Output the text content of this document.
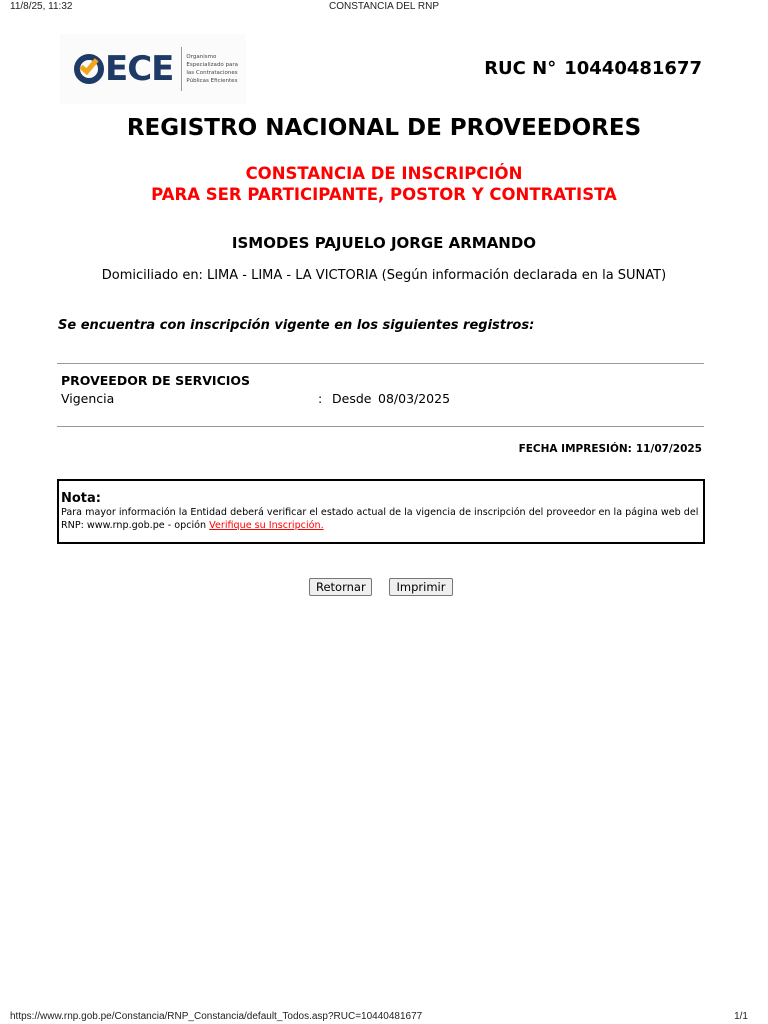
11/8/25, 11:32	CONSTANCIA DEL RNP
ECE Organismo
Especializado para
las Contrataciones
Públicas Eficientes
RUC N° 10440481677
REGISTRO NACIONAL DE PROVEEDORES
CONSTANCIA DE INSCRIPCIÓN
PARA SER PARTICIPANTE, POSTOR Y CONTRATISTA
ISMODES PAJUELO JORGE ARMANDO
Domiciliado en: LIMA - LIMA - LA VICTORIA (Según información declarada en la SUNAT)
Se encuentra con inscripción vigente en los siguientes registros:
PROVEEDOR DE SERVICIOS
Vigencia	: Desde 08/03/2025
FECHA IMPRESIÓN: 11/07/2025
Nota:
Para mayor información la Entidad deberá verificar el estado actual de la vigencia de inscripción del proveedor en la página web del RNP: www.rnp.gob.pe - opción Verifique su Inscripción.
Retornar	Imprimir
https://www.rnp.gob.pe/Constancia/RNP_Constancia/default_Todos.asp?RUC=10440481677	1/1
